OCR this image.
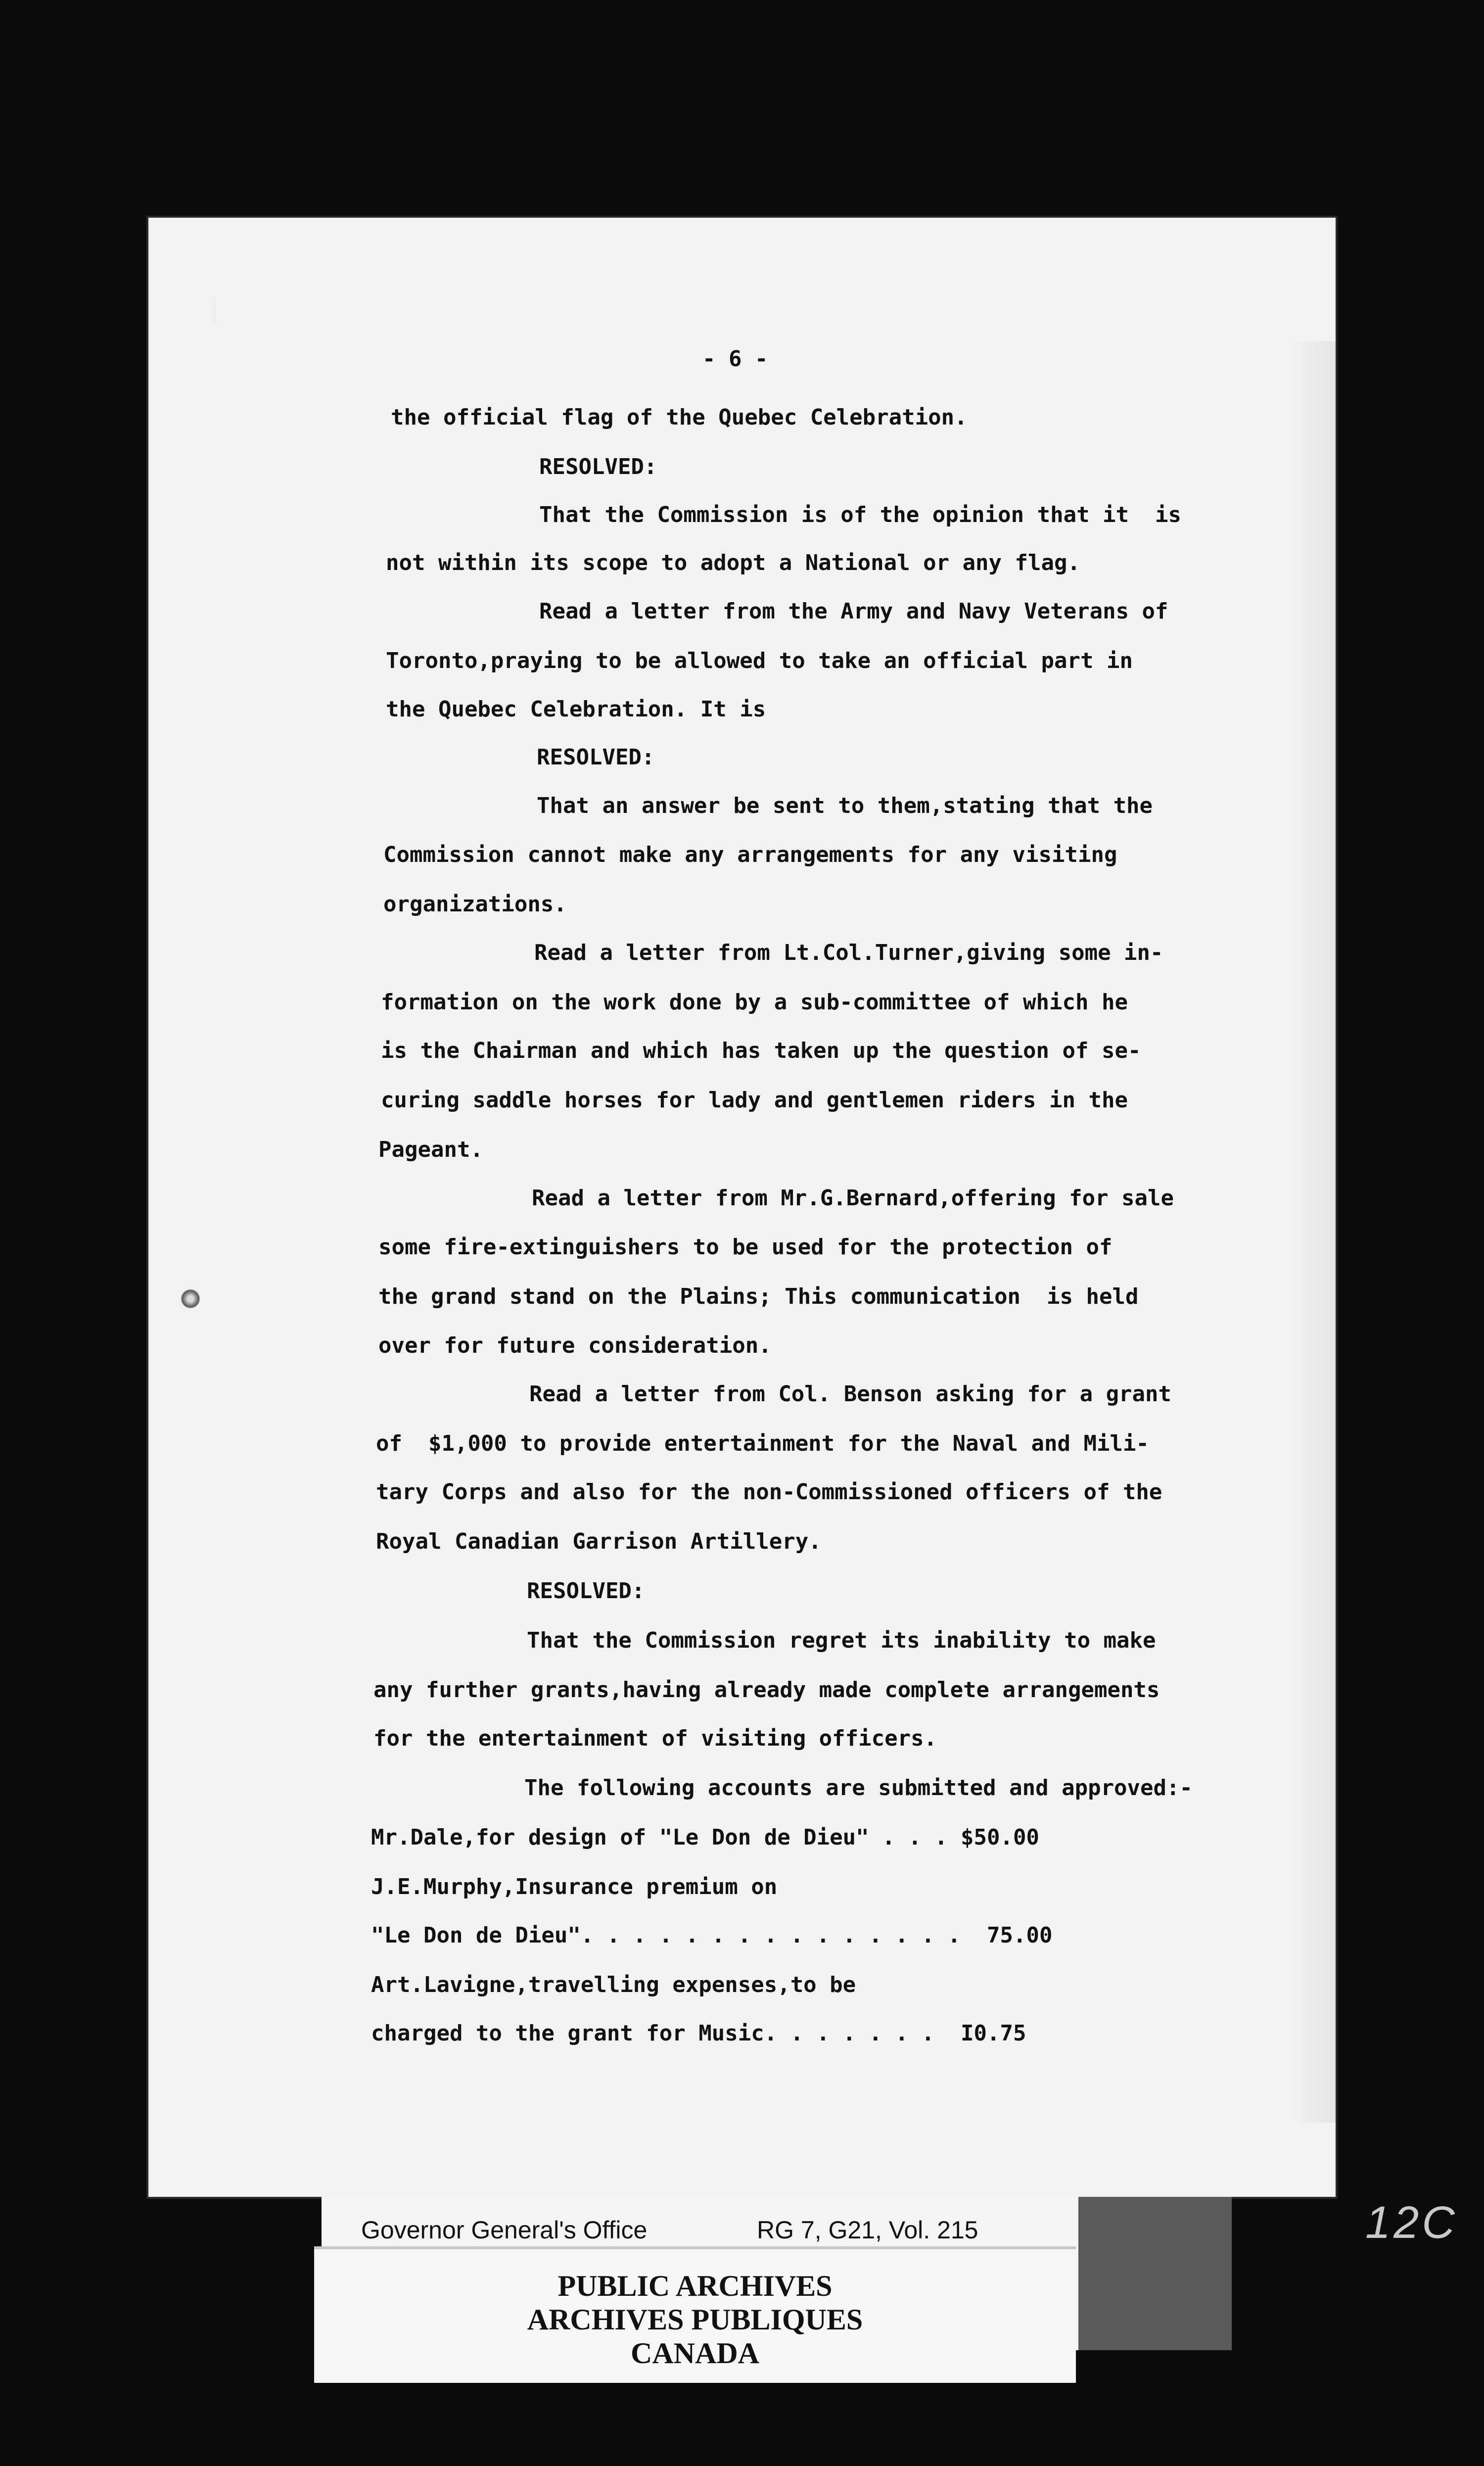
- 6 -
the official flag of the Quebec Celebration.
RESOLVED:
That the Commission is of the opinion that it  is
not within its scope to adopt a National or any flag.
Read a letter from the Army and Navy Veterans of
Toronto,praying to be allowed to take an official part in
the Quebec Celebration. It is
RESOLVED:
That an answer be sent to them,stating that the
Commission cannot make any arrangements for any visiting
organizations.
Read a letter from Lt.Col.Turner,giving some in-
formation on the work done by a sub-committee of which he
is the Chairman and which has taken up the question of se-
curing saddle horses for lady and gentlemen riders in the
Pageant.
Read a letter from Mr.G.Bernard,offering for sale
some fire-extinguishers to be used for the protection of
the grand stand on the Plains; This communication  is held
over for future consideration.
Read a letter from Col. Benson asking for a grant
of  $1,000 to provide entertainment for the Naval and Mili-
tary Corps and also for the non-Commissioned officers of the
Royal Canadian Garrison Artillery.
RESOLVED:
That the Commission regret its inability to make
any further grants,having already made complete arrangements
for the entertainment of visiting officers.
The following accounts are submitted and approved:-
Mr.Dale,for design of "Le Don de Dieu" . . . $50.00
J.E.Murphy,Insurance premium on
"Le Don de Dieu". . . . . . . . . . . . . . .  75.00
Art.Lavigne,travelling expenses,to be
charged to the grant for Music. . . . . . .  I0.75
Governor General's Office	RG 7, G21, Vol. 215
PUBLIC ARCHIVES
ARCHIVES PUBLIQUES
CANADA
12C
